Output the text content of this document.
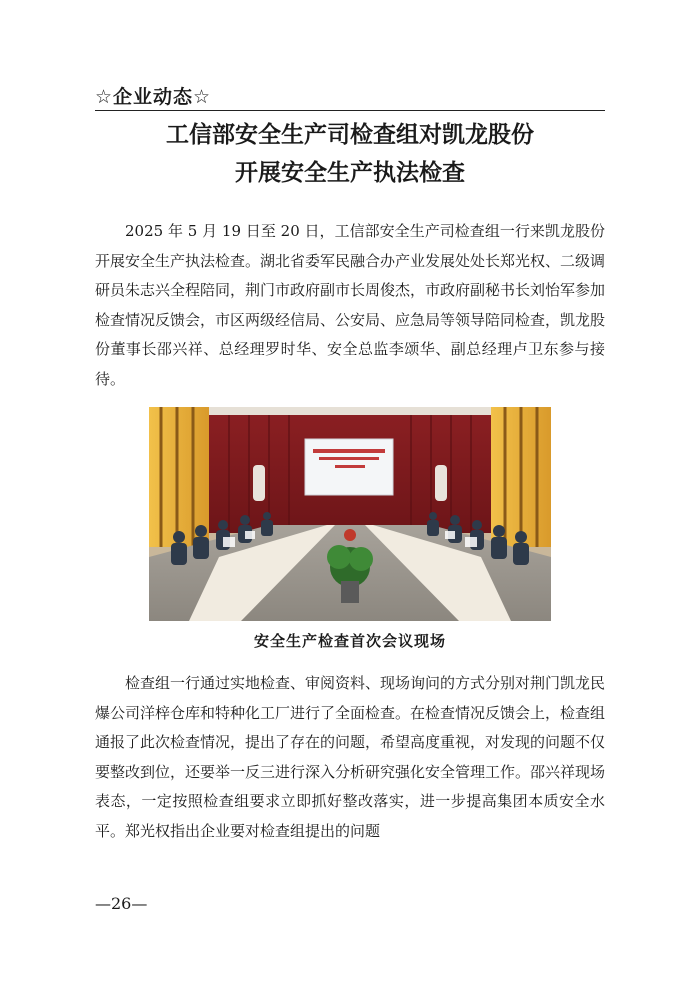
☆企业动态☆
工信部安全生产司检查组对凯龙股份
开展安全生产执法检查

2025 年 5 月 19 日至 20 日，工信部安全生产司检查组一行来凯龙股份开展安全生产执法检查。湖北省委军民融合办产业发展处处长郑光权、二级调研员朱志兴全程陪同，荆门市政府副市长周俊杰，市政府副秘书长刘怡军参加检查情况反馈会，市区两级经信局、公安局、应急局等领导陪同检查，凯龙股份董事长邵兴祥、总经理罗时华、安全总监李颂华、副总经理卢卫东参与接待。

安全生产检查首次会议现场

检查组一行通过实地检查、审阅资料、现场询问的方式分别对荆门凯龙民爆公司洋梓仓库和特种化工厂进行了全面检查。在检查情况反馈会上，检查组通报了此次检查情况，提出了存在的问题，希望高度重视，对发现的问题不仅要整改到位，还要举一反三进行深入分析研究强化安全管理工作。邵兴祥现场表态，一定按照检查组要求立即抓好整改落实，进一步提高集团本质安全水平。郑光权指出企业要对检查组提出的问题

—26—
